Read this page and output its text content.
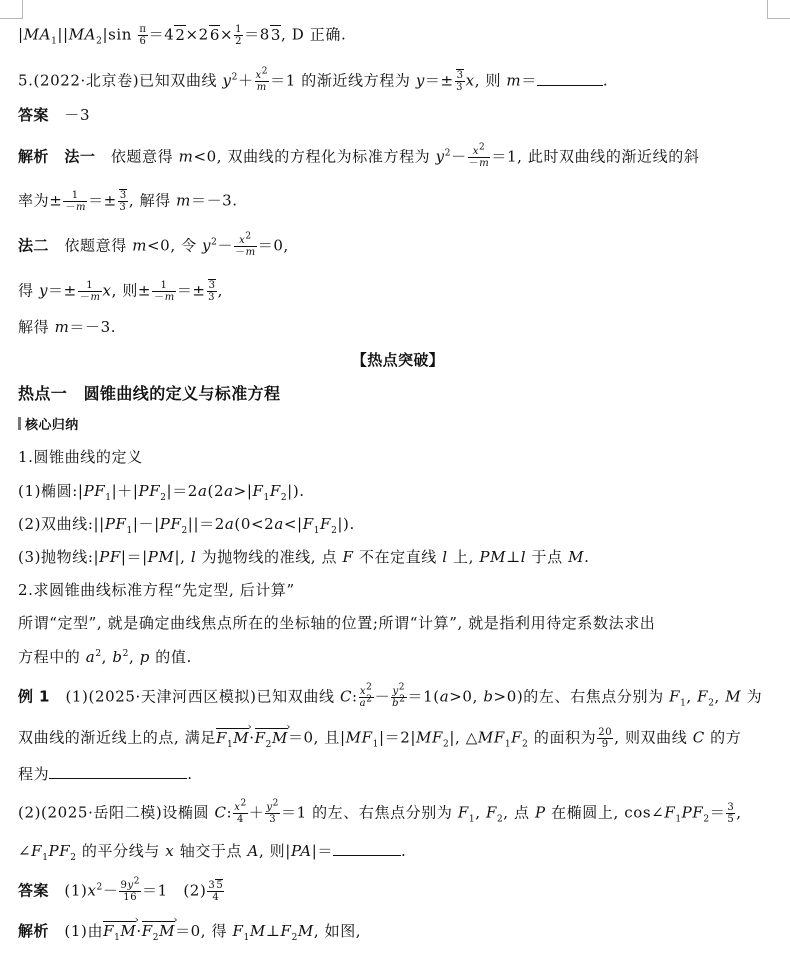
$|MA_1||MA_2|\sin \frac{\pi}{6} =42\times 26\times \frac{1}{2} =83$, D 正确.
5.(2022·北京卷)已知双曲线 $y^2+ \frac{x^2}{m} =1$ 的渐近线方程为 $y=\pm \frac{3}{3} x$, 则 m＝	.
答案　－3
解析　 法一　依题意得 m<0, 双曲线的方程化为标准方程为 $y^2- \frac{x^2}{-m} =1$, 此时双曲线的渐近线的斜
率为± $\frac{1}{-m} =\pm \frac{3}{3}$ , 解得 m＝－3.
法二　依题意得 m<0, 令 $y^2- \frac{x^2}{-m} =0$,
得 $y=\pm \frac{1}{-m} x$, 则± $\frac{1}{-m} =\pm \frac{3}{3}$ ,
解得 m＝－3.
【热点突破】
热点一　圆锥曲线的定义与标准方程
核心归纳
1.圆锥曲线的定义
(1)椭圆$:|PF_1|+|PF_2|=2a(2a>|F_1F_2|)$.
(2)双曲线$:||PF_1|-|PF_2||=2a(0<2a<|F_1F_2|)$.
(3)抛物线:|PF|＝|PM|, l 为抛物线的准线, 点 F 不在定直线 l 上, PM⊥l 于点 M.
2.求圆锥曲线标准方程“先定型, 后计算”
所谓“定型”, 就是确定曲线焦点所在的坐标轴的位置;所谓“计算”, 就是指利用待定系数法求出
方程中的 $a^2$, $b^2$, p 的值.
例 1　(1)(2025·天津河西区模拟)已知双曲线 C: $\frac{x^2}{a^2} - \frac{y^2}{b^2} =1(a>0$, b>0)的左、右焦点分别为 $F_1$, $F_2$, M 为
双曲线的渐近线上的点, 满足$F_1M$ $›\cdot F_2M$ ›＝0, 且$|MF_1|=2|MF_2|$, $\triangle MF_1F_2$ 的面积为 $\frac{20}{9}$ , 则双曲线 C 的方
程为	.
(2)(2025·岳阳二模)设椭圆 C: $\frac{x^2}{4} + \frac{y^2}{3} =1$ 的左、右焦点分别为 $F_1$, $F_2$, 点 P 在椭圆上, $\cos\angle F_1PF_2= \frac{3}{5}$ ,
$\angle F_1PF_2$ 的平分线与 x 轴交于点 A, 则|PA|＝	.
答案　$(1)x^2- \frac{9y^2}{16} =1$　$(2) \frac{35}{4}$
解析　(1)由$F_1M$ $›\cdot F_2M$ ›＝0, 得 $F_1M\perp F_2M$, 如图,
